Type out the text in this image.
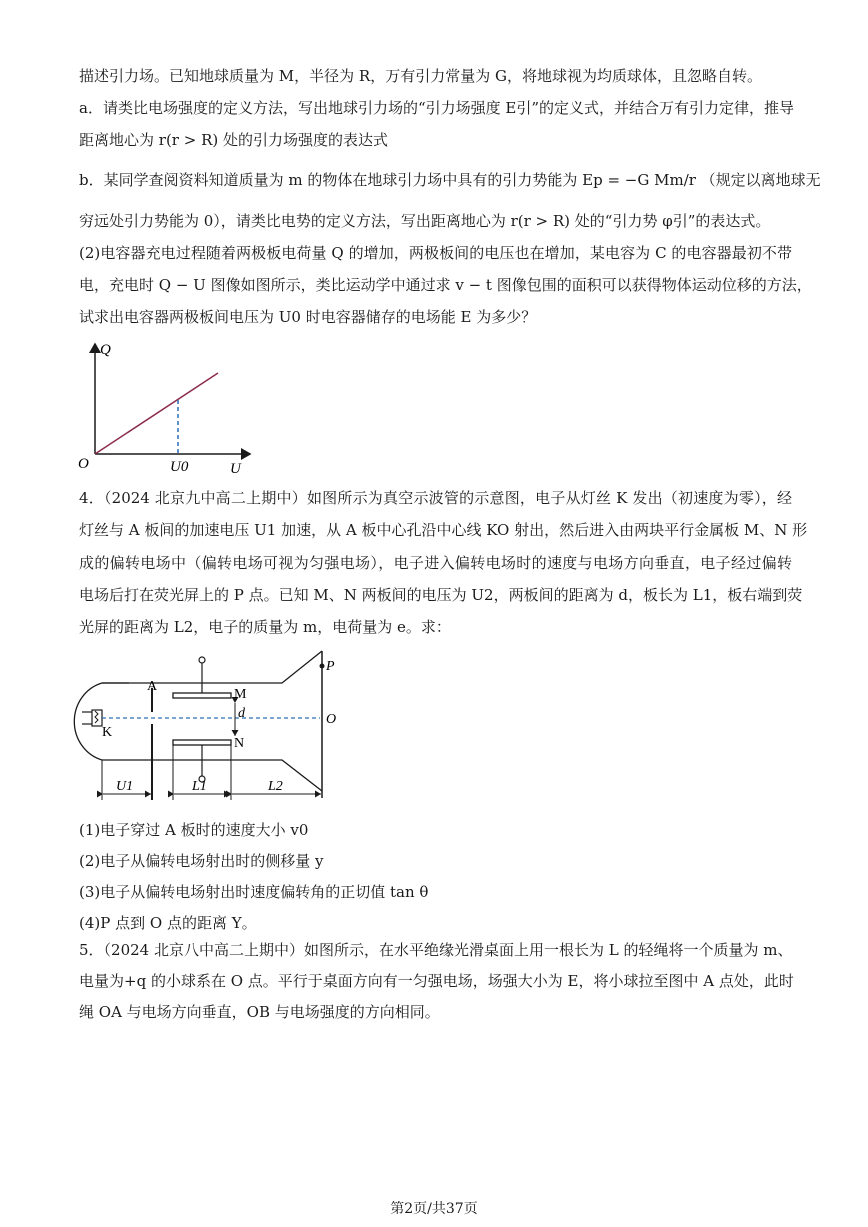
描述引力场。已知地球质量为 M，半径为 R，万有引力常量为 G，将地球视为均质球体，且忽略自转。
a．请类比电场强度的定义方法，写出地球引力场的“引力场强度 E引”的定义式，并结合万有引力定律，推导
距离地心为 r(r > R) 处的引力场强度的表达式
b．某同学查阅资料知道质量为 m 的物体在地球引力场中具有的引力势能为 Ep = −G Mm/r （规定以离地球无
穷远处引力势能为 0），请类比电势的定义方法，写出距离地心为 r(r > R) 处的“引力势 φ引”的表达式。
(2)电容器充电过程随着两极板电荷量 Q 的增加，两极板间的电压也在增加，某电容为 C 的电容器最初不带
电，充电时 Q − U 图像如图所示，类比运动学中通过求 v − t 图像包围的面积可以获得物体运动位移的方法，
试求出电容器两极板间电压为 U0 时电容器储存的电场能 E 为多少？
Q
O	U0	U
4．（2024 北京九中高二上期中）如图所示为真空示波管的示意图，电子从灯丝 K 发出（初速度为零），经
灯丝与 A 板间的加速电压 U1 加速，从 A 板中心孔沿中心线 KO 射出，然后进入由两块平行金属板 M、N 形
成的偏转电场中（偏转电场可视为匀强电场），电子进入偏转电场时的速度与电场方向垂直，电子经过偏转
电场后打在荧光屏上的 P 点。已知 M、N 两板间的电压为 U2，两板间的距离为 d，板长为 L1，板右端到荧
光屏的距离为 L2，电子的质量为 m，电荷量为 e。求：
A
M
N
K
d
P
O
U1	L1	L2
(1)电子穿过 A 板时的速度大小 v0
(2)电子从偏转电场射出时的侧移量 y
(3)电子从偏转电场射出时速度偏转角的正切值 tan θ
(4)P 点到 O 点的距离 Y。
5．（2024 北京八中高二上期中）如图所示，在水平绝缘光滑桌面上用一根长为 L 的轻绳将一个质量为 m、
电量为+q 的小球系在 O 点。平行于桌面方向有一匀强电场，场强大小为 E，将小球拉至图中 A 点处，此时
绳 OA 与电场方向垂直，OB 与电场强度的方向相同。
第2页/共37页
